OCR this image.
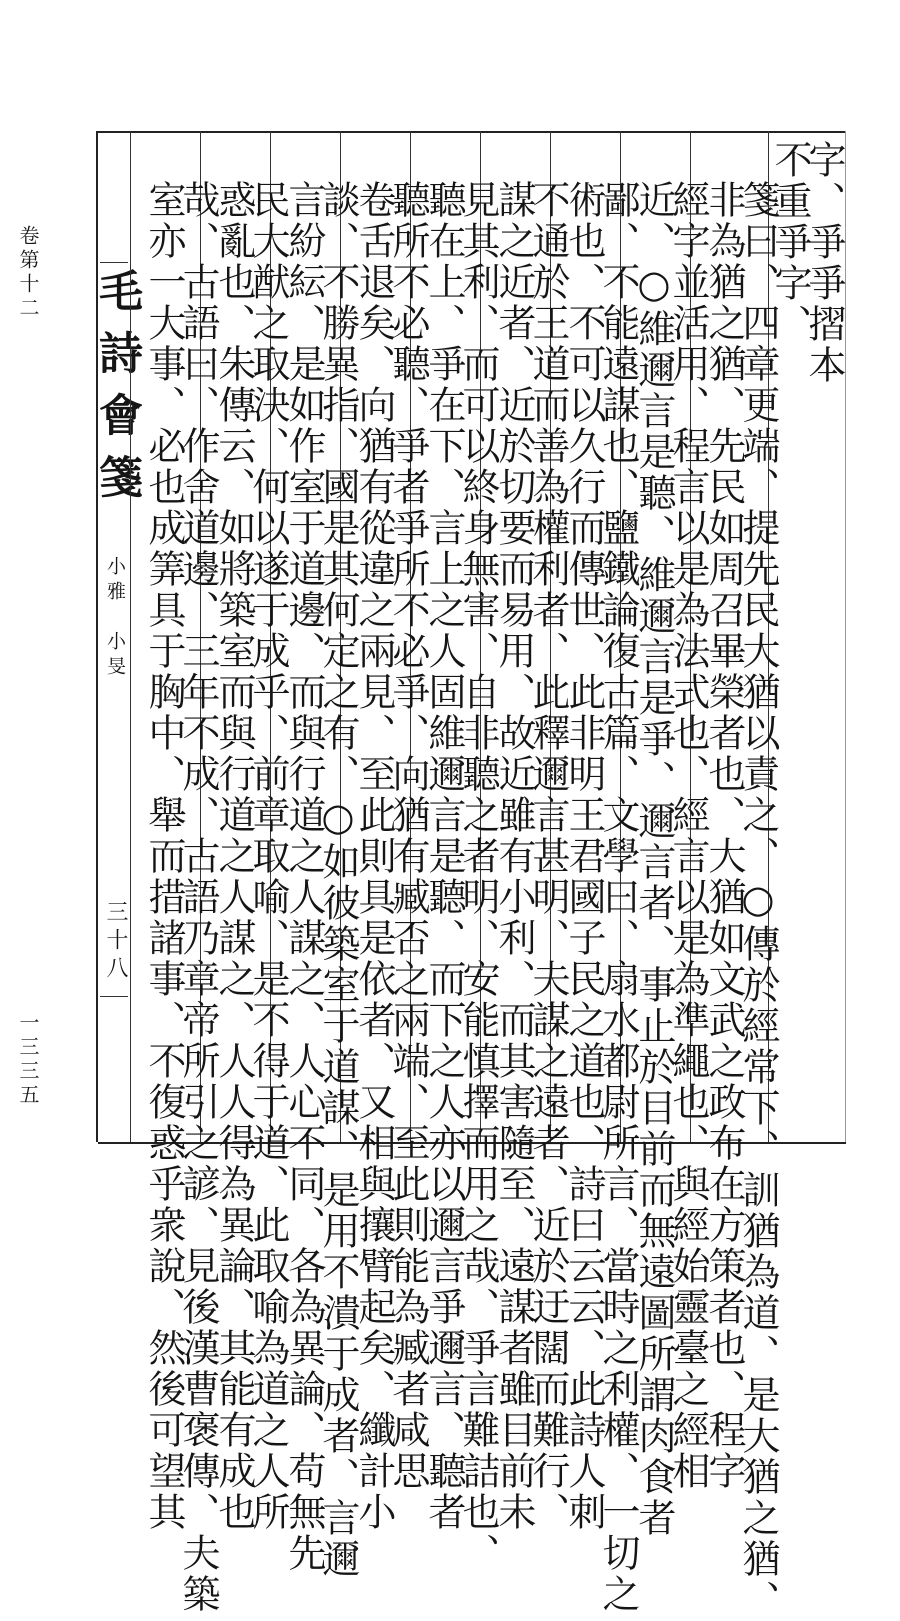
卷第十二
一三三五
毛詩會箋
小雅　小旻
三十八
字、爭爭摺本
不重爭字、
箋曰、四章更端、提先民大猶以責之、○傳於經常下、訓猶為道、是大猶之猶、
非為猶之猶、先民如周召畢榮者也、大猶如文武之政布在方策者也、程字
經字並活用、程言以是為法式也、經言以是為準繩也、與經始靈臺之經相
近、○維邇言是聽、維邇言是爭、邇言者、事止於目前而無遠圖所謂肉食者
鄙、不能遠謀也、鹽鐵論復古篇、文學曰、扇水都尉所言、當時之利權、一切之
術也、不可以久行而傳世、此非明王君國子民之道也、詩曰云云、此詩人刺
不通於王道而善為權利者、此釋邇言甚明、夫謀之遠者、近於迂闊而難行、
謀之近者、近於切要而易用、故近雖有小利、而其害隨至、遠謀者雖目前未
見其利、而可以終身無害、自非聽之者明、安能慎擇而用之哉、爭言難詰也、
聽在上、爭在下、言上之人固維邇言是聽、而下之人亦以邇言爭邇言、聽者
聽所不必聽、爭者爭所不必爭、向猶有臧否之兩端、至此則能為臧者咸思
卷舌退矣、向猶有從違之兩見、至此則具是依者、又相與攘臂起矣、纖計小
談、不勝異指、國是其何定之有、○如彼築室于道謀、是用不潰于成者、言邇
言紛紜、是如作室于道邊、而與行道之人謀之、人心不同、各為異論、苟無先
民大猷之取決、何以遂于成乎、前章取喻、是不得于道、此取喻為道之人所
惑亂也、朱傳云、如將築室而與行道之人謀之、人人得為異論、其能有成也
哉、古語曰、作舍道邊、三年不成、古語乃章帝所引之諺、見後漢曹褒傳、夫築
室亦一大事、必也成筭具于胸中、舉而措諸事、不復惑乎衆說、然後可望其
